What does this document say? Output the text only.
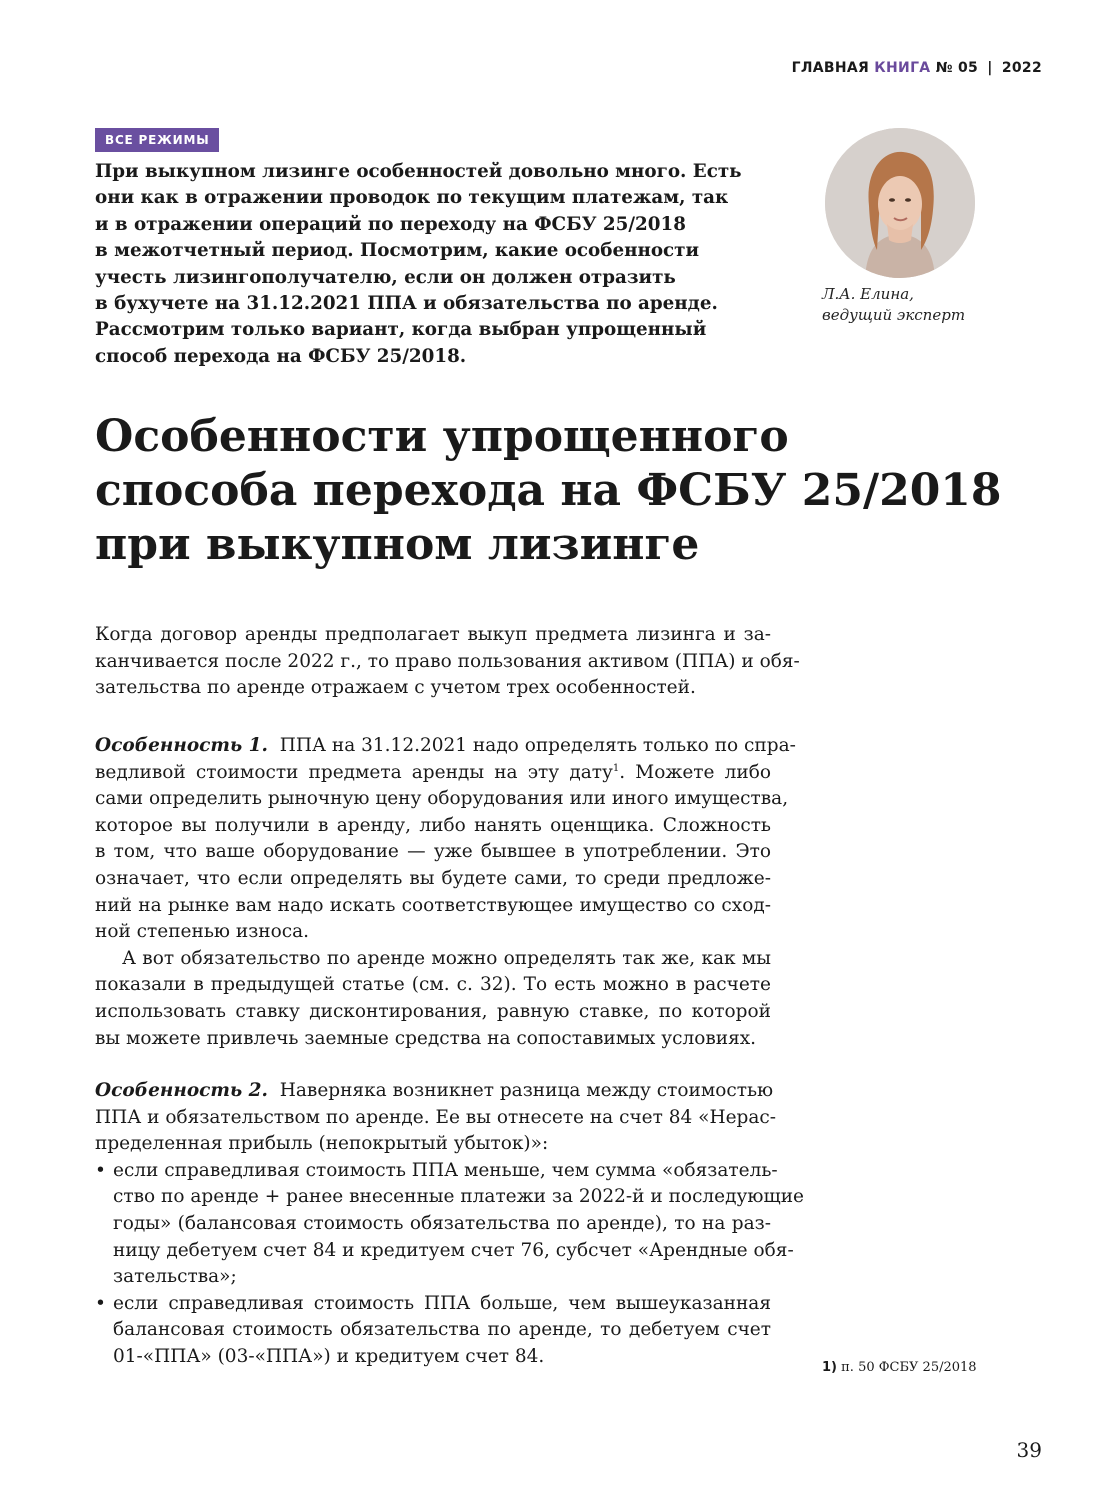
ГЛАВНАЯ КНИГА № 05 | 2022
ВСЕ РЕЖИМЫ

При выкупном лизинге особенностей довольно много. Есть

они как в отражении проводок по текущим платежам, так

и в отражении операций по переходу на ФСБУ 25/2018

в межотчетный период. Посмотрим, какие особенности

учесть лизингополучателю, если он должен отразить

в бухучете на 31.12.2021 ППА и обязательства по аренде.

Рассмотрим только вариант, когда выбран упрощенный

способ перехода на ФСБУ 25/2018.

Л.А. Елина,
ведущий эксперт
Особенности упрощенного
способа перехода на ФСБУ 25/2018
при выкупном лизинге
Когда договор аренды предполагает выкуп предмета лизинга и за-
канчивается после 2022 г., то право пользования активом (ППА) и обя-
зательства по аренде отражаем с учетом трех особенностей.
Особенность 1. ППА на 31.12.2021 надо определять только по спра-
ведливой стоимости предмета аренды на эту дату$^1$. Можете либо
сами определить рыночную цену оборудования или иного имущества,
которое вы получили в аренду, либо нанять оценщика. Сложность
в том, что ваше оборудование — уже бывшее в употреблении. Это
означает, что если определять вы будете сами, то среди предложе-
ний на рынке вам надо искать соответствующее имущество со сход-
ной степенью износа.
А вот обязательство по аренде можно определять так же, как мы
показали в предыдущей статье (см. с. 32). То есть можно в расчете
использовать ставку дисконтирования, равную ставке, по которой
вы можете привлечь заемные средства на сопоставимых условиях.
Особенность 2. Наверняка возникнет разница между стоимостью
ППА и обязательством по аренде. Ее вы отнесете на счет 84 «Нерас-
пределенная прибыль (непокрытый убыток)»:
• если справедливая стоимость ППА меньше, чем сумма «обязатель-
ство по аренде + ранее внесенные платежи за 2022-й и последующие
годы» (балансовая стоимость обязательства по аренде), то на раз-
ницу дебетуем счет 84 и кредитуем счет 76, субсчет «Арендные обя-
зательства»;
• если справедливая стоимость ППА больше, чем вышеуказанная
балансовая стоимость обязательства по аренде, то дебетуем счет
01-«ППА» (03-«ППА») и кредитуем счет 84.
1) п. 50 ФСБУ 25/2018
39
